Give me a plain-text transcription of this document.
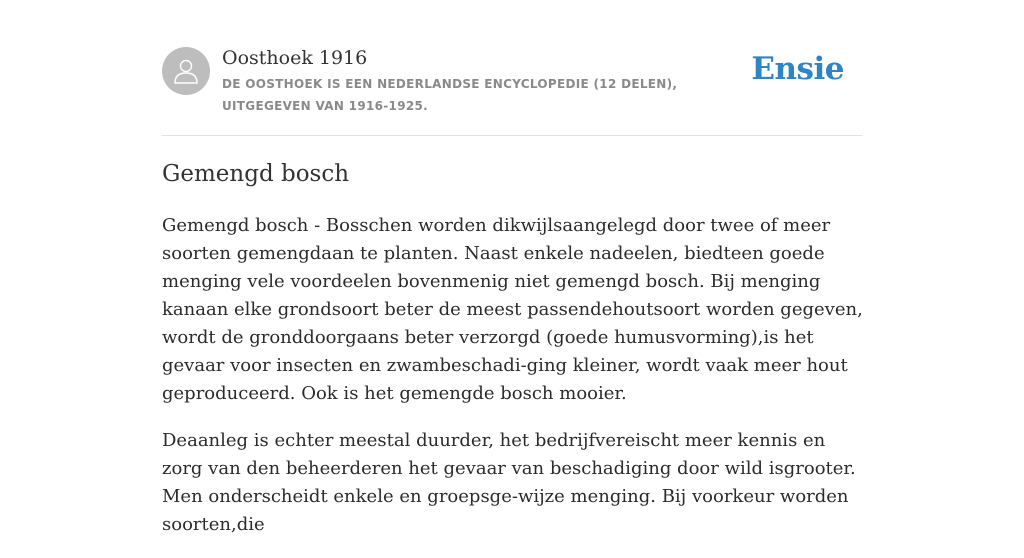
Oosthoek 1916
DE OOSTHOEK IS EEN NEDERLANDSE ENCYCLOPEDIE (12 DELEN), UITGEGEVEN VAN 1916-1925.
Ensie
Gemengd bosch

Gemengd bosch - Bosschen worden dikwijlsaangelegd door twee of meer soorten gemengdaan te planten. Naast enkele nadeelen, biedteen goede menging vele voordeelen bovenmenig niet gemengd bosch. Bij menging kanaan elke grondsoort beter de meest passendehoutsoort worden gegeven, wordt de gronddoorgaans beter verzorgd (goede humusvorming),is het gevaar voor insecten en zwambeschadi-ging kleiner, wordt vaak meer hout geproduceerd. Ook is het gemengde bosch mooier.

Deaanleg is echter meestal duurder, het bedrijfvereischt meer kennis en zorg van den beheerderen het gevaar van beschadiging door wild isgrooter. Men onderscheidt enkele en groepsge-wijze menging. Bij voorkeur worden soorten,die
